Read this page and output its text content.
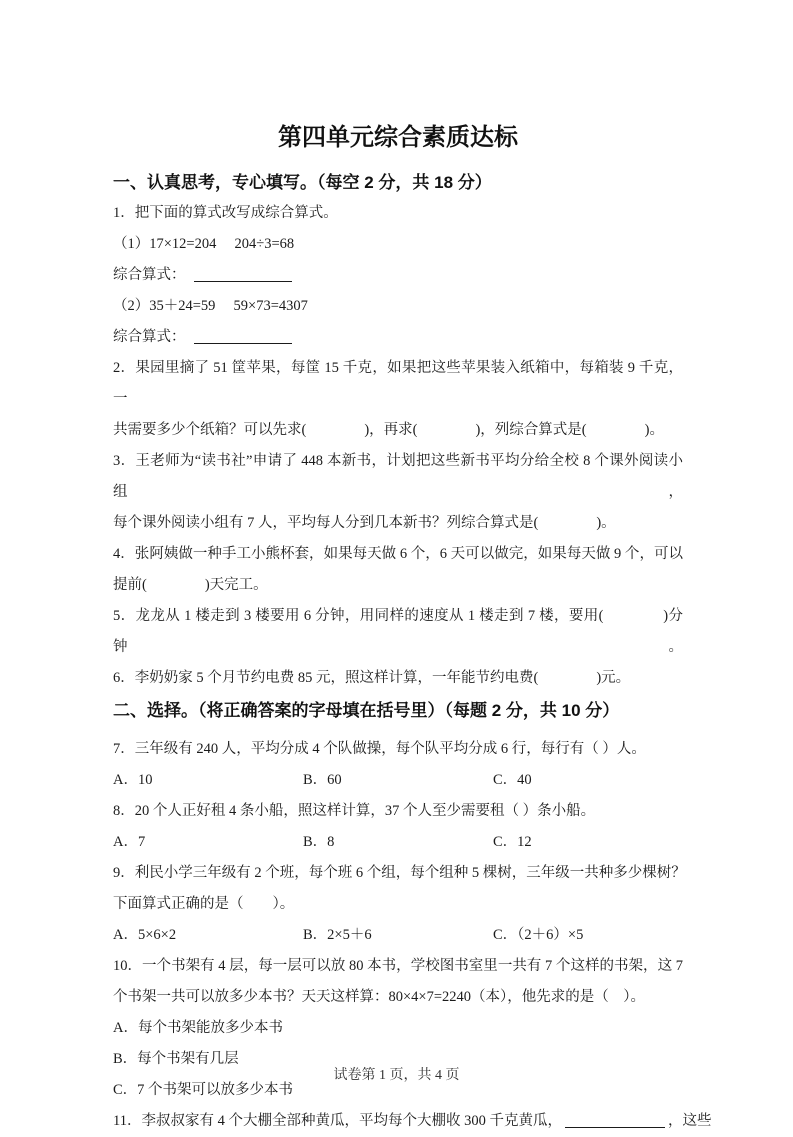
第四单元综合素质达标
一、认真思考，专心填写。（每空 2 分，共 18 分）

1．把下面的算式改写成综合算式。

（1）17×12=204　 204÷3=68

综合算式：

（2）35＋24=59　 59×73=4307

综合算式：

2．果园里摘了 51 筐苹果，每筐 15 千克，如果把这些苹果装入纸箱中，每箱装 9 千克，一

共需要多少个纸箱？可以先求(　　　　)，再求(　　　　)，列综合算式是(　　　　)。

3．王老师为“读书社”申请了 448 本新书，计划把这些新书平均分给全校 8 个课外阅读小组，

每个课外阅读小组有 7 人，平均每人分到几本新书？列综合算式是(　　　　)。

4．张阿姨做一种手工小熊杯套，如果每天做 6 个，6 天可以做完，如果每天做 9 个，可以

提前(　　　　)天完工。

5．龙龙从 1 楼走到 3 楼要用 6 分钟，用同样的速度从 1 楼走到 7 楼，要用(　　　　)分钟。

6．李奶奶家 5 个月节约电费 85 元，照这样计算，一年能节约电费(　　　　)元。

二、选择。（将正确答案的字母填在括号里）（每题 2 分，共 10 分）

7．三年级有 240 人，平均分成 4 个队做操，每个队平均分成 6 行，每行有（ ）人。

A．10	B．60	C．40

8．20 个人正好租 4 条小船，照这样计算，37 个人至少需要租（ ）条小船。

A．7	B．8	C．12

9．利民小学三年级有 2 个班，每个班 6 个组，每个组种 5 棵树，三年级一共种多少棵树？

下面算式正确的是（　　）。

A．5×6×2	B．2×5＋6	C．（2＋6）×5

10．一个书架有 4 层，每一层可以放 80 本书，学校图书室里一共有 7 个这样的书架，这 7

个书架一共可以放多少本书？天天这样算：80×4×7=2240（本），他先求的是（　）。

A．每个书架能放多少本书

B．每个书架有几层

C．7 个书架可以放多少本书

11．李叔叔家有 4 个大棚全部种黄瓜，平均每个大棚收 300 千克黄瓜，	，这些

试卷第 1 页，共 4 页
